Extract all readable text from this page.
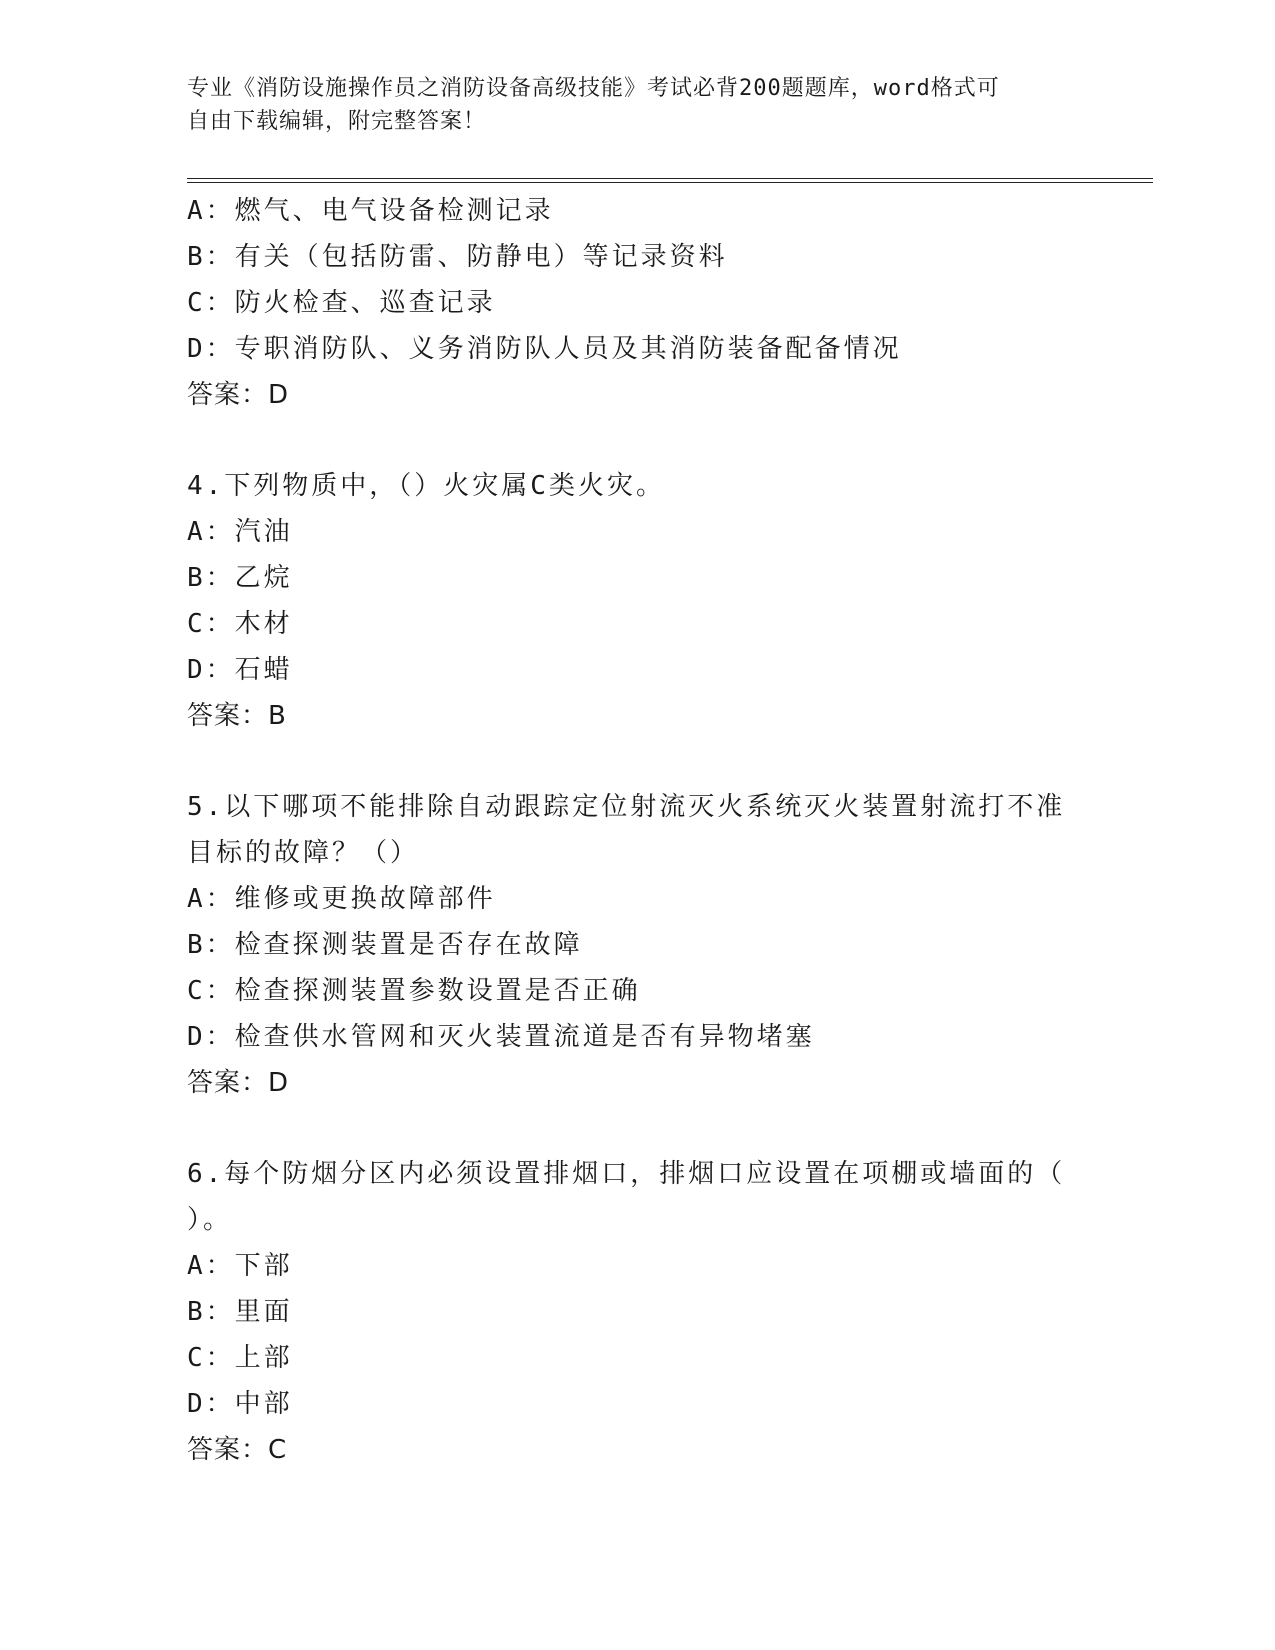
专业《消防设施操作员之消防设备高级技能》考试必背200题题库，word格式可

自由下载编辑，附完整答案！

A：燃气、电气设备检测记录
B：有关（包括防雷、防静电）等记录资料
C：防火检查、巡查记录
D：专职消防队、义务消防队人员及其消防装备配备情况
答案：D
4.下列物质中，（）火灾属C类火灾。
A：汽油
B：乙烷
C：木材
D：石蜡
答案：B
5.以下哪项不能排除自动跟踪定位射流灭火系统灭火装置射流打不准
目标的故障？（）
A：维修或更换故障部件
B：检查探测装置是否存在故障
C：检查探测装置参数设置是否正确
D：检查供水管网和灭火装置流道是否有异物堵塞
答案：D
6.每个防烟分区内必须设置排烟口，排烟口应设置在项棚或墙面的（
）。
A：下部
B：里面
C：上部
D：中部
答案：C
